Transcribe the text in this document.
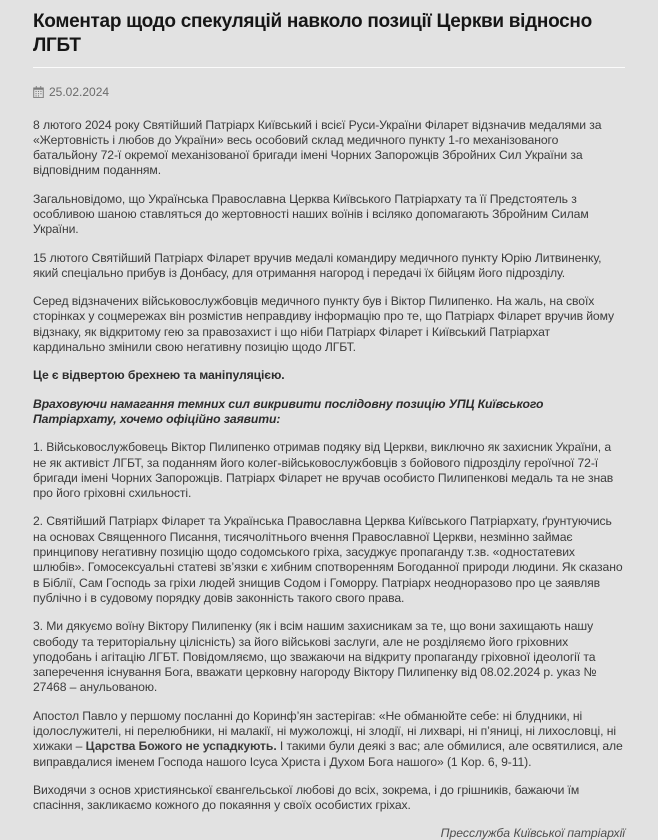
Коментар щодо спекуляцій навколо позиції Церкви відносно ЛГБТ
25.02.2024

8 лютого 2024 року Святійший Патріарх Київський і всієї Руси-України Філарет відзначив медалями за «Жертовність і любов до України» весь особовий склад медичного пункту 1-го механізованого батальйону 72-ї окремої механізованої бригади імені Чорних Запорожців Збройних Сил України за відповідним поданням.

Загальновідомо, що Українська Православна Церква Київського Патріархату та її Предстоятель з особливою шаною ставляться до жертовності наших воїнів і всіляко допомагають Збройним Силам України.

15 лютого Святійший Патріарх Філарет вручив медалі командиру медичного пункту Юрію Литвиненку, який спеціально прибув із Донбасу, для отримання нагород і передачі їх бійцям його підрозділу.

Серед відзначених військовослужбовців медичного пункту був і Віктор Пилипенко. На жаль, на своїх сторінках у соцмережах він розмістив неправдиву інформацію про те, що Патріарх Філарет вручив йому відзнаку, як відкритому гею за правозахист і що ніби Патріарх Філарет і Київський Патріархат кардинально змінили свою негативну позицію щодо ЛГБТ.

Це є відвертою брехнею та маніпуляцією.

Враховуючи намагання темних сил викривити послідовну позицію УПЦ Київського Патріархату, хочемо офіційно заявити:

1. Військовослужбовець Віктор Пилипенко отримав подяку від Церкви, виключно як захисник України, а не як активіст ЛГБТ, за поданням його колег-військовослужбовців з бойового підрозділу героїчної 72-ї бригади імені Чорних Запорожців. Патріарх Філарет не вручав особисто Пилипенкові медаль та не знав про його гріховні схильності.

2. Святійший Патріарх Філарет та Українська Православна Церква Київського Патріархату, ґрунтуючись на основах Священного Писання, тисячолітнього вчення Православної Церкви, незмінно займає принципову негативну позицію щодо содомського гріха, засуджує пропаганду т.зв. «одностатевих шлюбів». Гомосексуальні статеві зв’язки є хибним спотворенням Богоданної природи людини. Як сказано в Біблії, Сам Господь за гріхи людей знищив Содом і Гоморру. Патріарх неодноразово про це заявляв публічно і в судовому порядку довів законність такого свого права.

3. Ми дякуємо воїну Віктору Пилипенку (як і всім нашим захисникам за те, що вони захищають нашу свободу та територіальну цілісність) за його військові заслуги, але не розділяємо його гріховних уподобань і агітацію ЛГБТ. Повідомляємо, що зважаючи на відкриту пропаганду гріховної ідеології та заперечення існування Бога, вважати церковну нагороду Віктору Пилипенку від 08.02.2024 р. указ № 27468 – анульованою.

Апостол Павло у першому посланні до Коринф’ян застерігав: «Не обманюйте себе: ні блудники, ні ідолослужителі, ні перелюбники, ні малакії, ні мужоложці, ні злодії, ні лихварі, ні п’яниці, ні лихословці, ні хижаки – Царства Божого не успадкують. І такими були деякі з вас; але обмилися, але освятилися, але виправдалися іменем Господа нашого Ісуса Христа і Духом Бога нашого» (1 Кор. 6, 9-11).

Виходячи з основ християнської євангельської любові до всіх, зокрема, і до грішників, бажаючи їм спасіння, закликаємо кожного до покаяння у своїх особистих гріхах.

Пресслужба Київської патріархії
